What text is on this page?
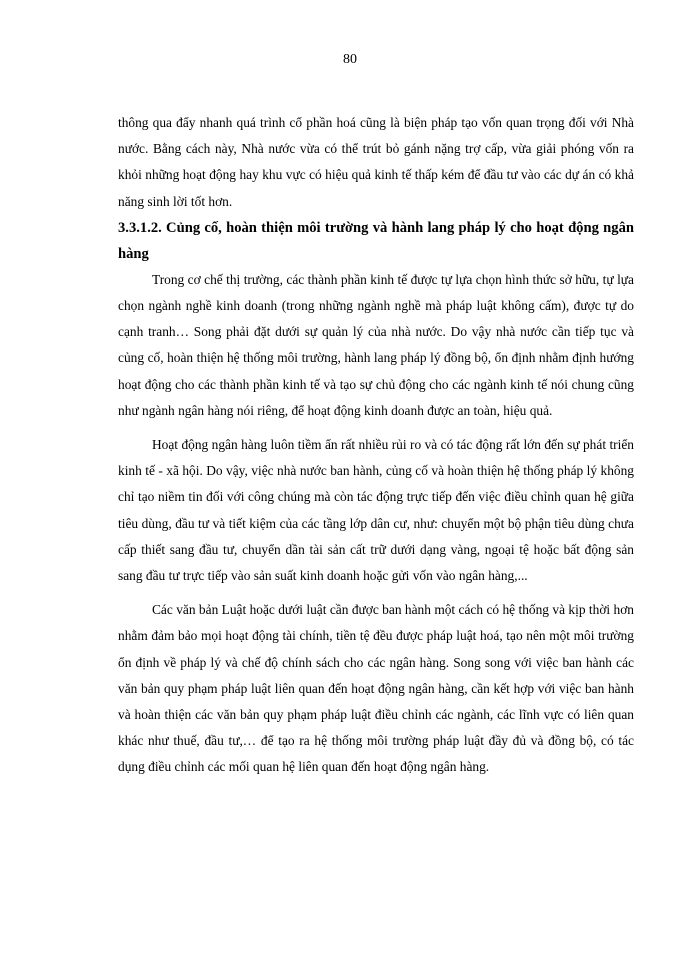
80

thông qua đẩy nhanh quá trình cổ phần hoá cũng là biện pháp tạo vốn quan trọng đối với Nhà nước. Bằng cách này, Nhà nước vừa có thể trút bỏ gánh nặng trợ cấp, vừa giải phóng vốn ra khỏi những hoạt động hay khu vực có hiệu quả kinh tế thấp kém để đầu tư vào các dự án có khả năng sinh lời tốt hơn.

3.3.1.2. Củng cố, hoàn thiện môi trường và hành lang pháp lý cho hoạt động ngân hàng

Trong cơ chế thị trường, các thành phần kinh tế được tự lựa chọn hình thức sở hữu, tự lựa chọn ngành nghề kinh doanh (trong những ngành nghề mà pháp luật không cấm), được tự do cạnh tranh… Song phải đặt dưới sự quản lý của nhà nước. Do vậy nhà nước cần tiếp tục và củng cố, hoàn thiện hệ thống môi trường, hành lang pháp lý đồng bộ, ổn định nhằm định hướng hoạt động cho các thành phần kinh tế và tạo sự chủ động cho các ngành kinh tế nói chung cũng như ngành ngân hàng nói riêng, để hoạt động kinh doanh được an toàn, hiệu quả.

Hoạt động ngân hàng luôn tiềm ẩn rất nhiều rủi ro và có tác động rất lớn đến sự phát triển kinh tế - xã hội. Do vậy, việc nhà nước ban hành, củng cố và hoàn thiện hệ thống pháp lý không chỉ tạo niềm tin đối với công chúng mà còn tác động trực tiếp đến việc điều chỉnh quan hệ giữa tiêu dùng, đầu tư và tiết kiệm của các tầng lớp dân cư, như: chuyển một bộ phận tiêu dùng chưa cấp thiết sang đầu tư, chuyển dần tài sản cất trữ dưới dạng vàng, ngoại tệ hoặc bất động sản sang đầu tư trực tiếp vào sản suất kinh doanh hoặc gửi vốn vào ngân hàng,...

Các văn bản Luật hoặc dưới luật cần được ban hành một cách có hệ thống và kịp thời hơn nhằm đảm bảo mọi hoạt động tài chính, tiền tệ đều được pháp luật hoá, tạo nên một môi trường ổn định về pháp lý và chế độ chính sách cho các ngân hàng. Song song với việc ban hành các văn bản quy phạm pháp luật liên quan đến hoạt động ngân hàng, cần kết hợp với việc ban hành và hoàn thiện các văn bản quy phạm pháp luật điều chỉnh các ngành, các lĩnh vực có liên quan khác như thuế, đầu tư,… để tạo ra hệ thống môi trường pháp luật đầy đủ và đồng bộ, có tác dụng điều chỉnh các mối quan hệ liên quan đến hoạt động ngân hàng.
